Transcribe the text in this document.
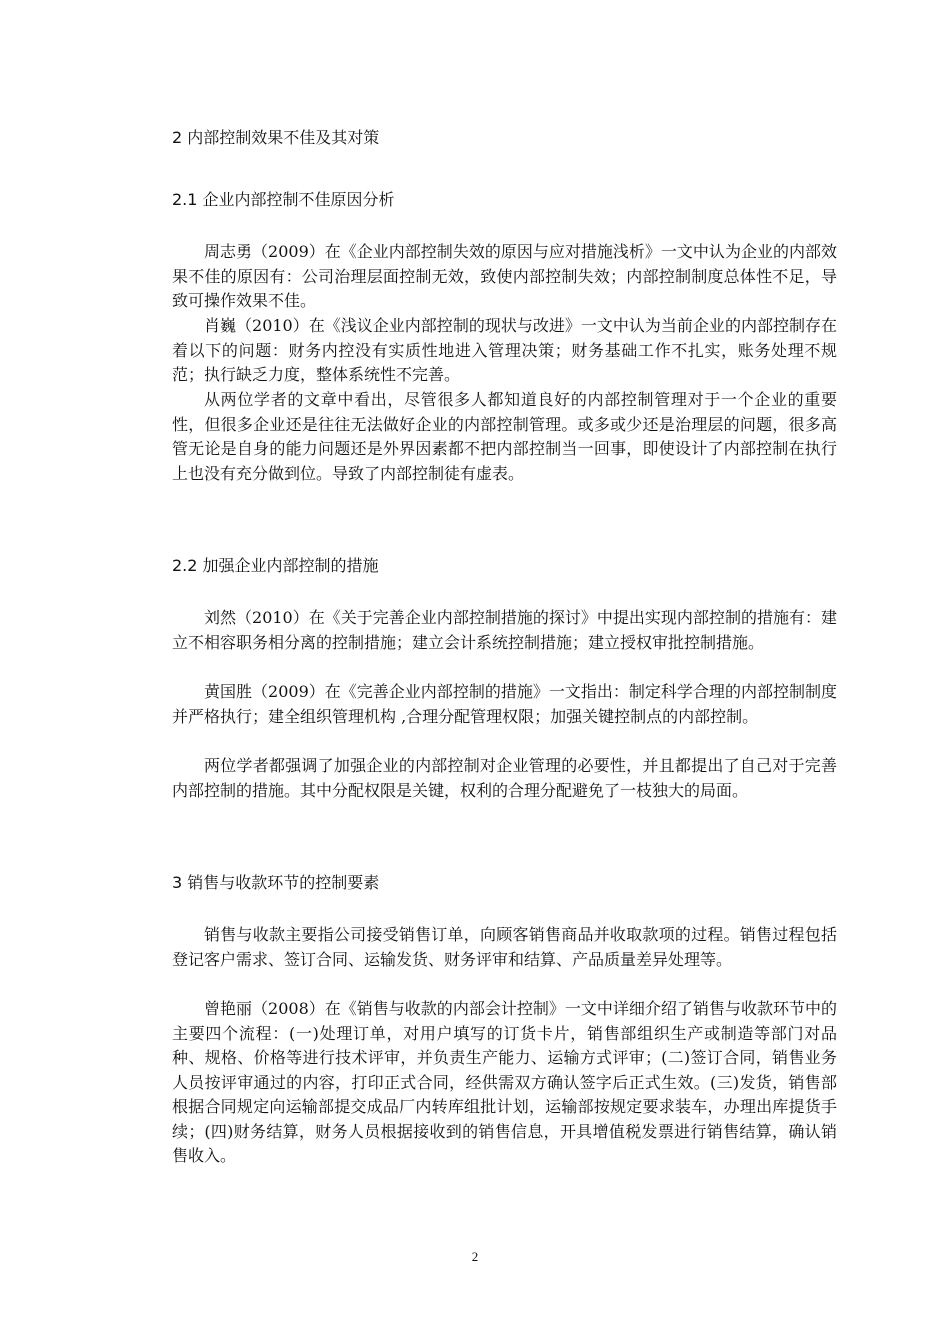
2 内部控制效果不佳及其对策
2.1 企业内部控制不佳原因分析

周志勇（2009）在《企业内部控制失效的原因与应对措施浅析》一文中认为企业的内部效果不佳的原因有：公司治理层面控制无效，致使内部控制失效；内部控制制度总体性不足，导致可操作效果不佳。

肖巍（2010）在《浅议企业内部控制的现状与改进》一文中认为当前企业的内部控制存在着以下的问题：财务内控没有实质性地进入管理决策；财务基础工作不扎实，账务处理不规范；执行缺乏力度，整体系统性不完善。

从两位学者的文章中看出，尽管很多人都知道良好的内部控制管理对于一个企业的重要性，但很多企业还是往往无法做好企业的内部控制管理。或多或少还是治理层的问题，很多高管无论是自身的能力问题还是外界因素都不把内部控制当一回事，即使设计了内部控制在执行上也没有充分做到位。导致了内部控制徒有虚表。

2.2 加强企业内部控制的措施

刘然（2010）在《关于完善企业内部控制措施的探讨》中提出实现内部控制的措施有：建立不相容职务相分离的控制措施；建立会计系统控制措施；建立授权审批控制措施。

黄国胜（2009）在《完善企业内部控制的措施》一文指出：制定科学合理的内部控制制度并严格执行；建全组织管理机构 ,合理分配管理权限；加强关键控制点的内部控制。

两位学者都强调了加强企业的内部控制对企业管理的必要性，并且都提出了自己对于完善内部控制的措施。其中分配权限是关键，权利的合理分配避免了一枝独大的局面。

3 销售与收款环节的控制要素

销售与收款主要指公司接受销售订单，向顾客销售商品并收取款项的过程。销售过程包括登记客户需求、签订合同、运输发货、财务评审和结算、产品质量差异处理等。

曾艳丽（2008）在《销售与收款的内部会计控制》一文中详细介绍了销售与收款环节中的主要四个流程：(一)处理订单，对用户填写的订货卡片，销售部组织生产或制造等部门对品种、规格、价格等进行技术评审，并负责生产能力、运输方式评审；(二)签订合同，销售业务人员按评审通过的内容，打印正式合同，经供需双方确认签字后正式生效。(三)发货，销售部根据合同规定向运输部提交成品厂内转库组批计划，运输部按规定要求装车，办理出库提货手续；(四)财务结算，财务人员根据接收到的销售信息，开具增值税发票进行销售结算，确认销售收入。

2
